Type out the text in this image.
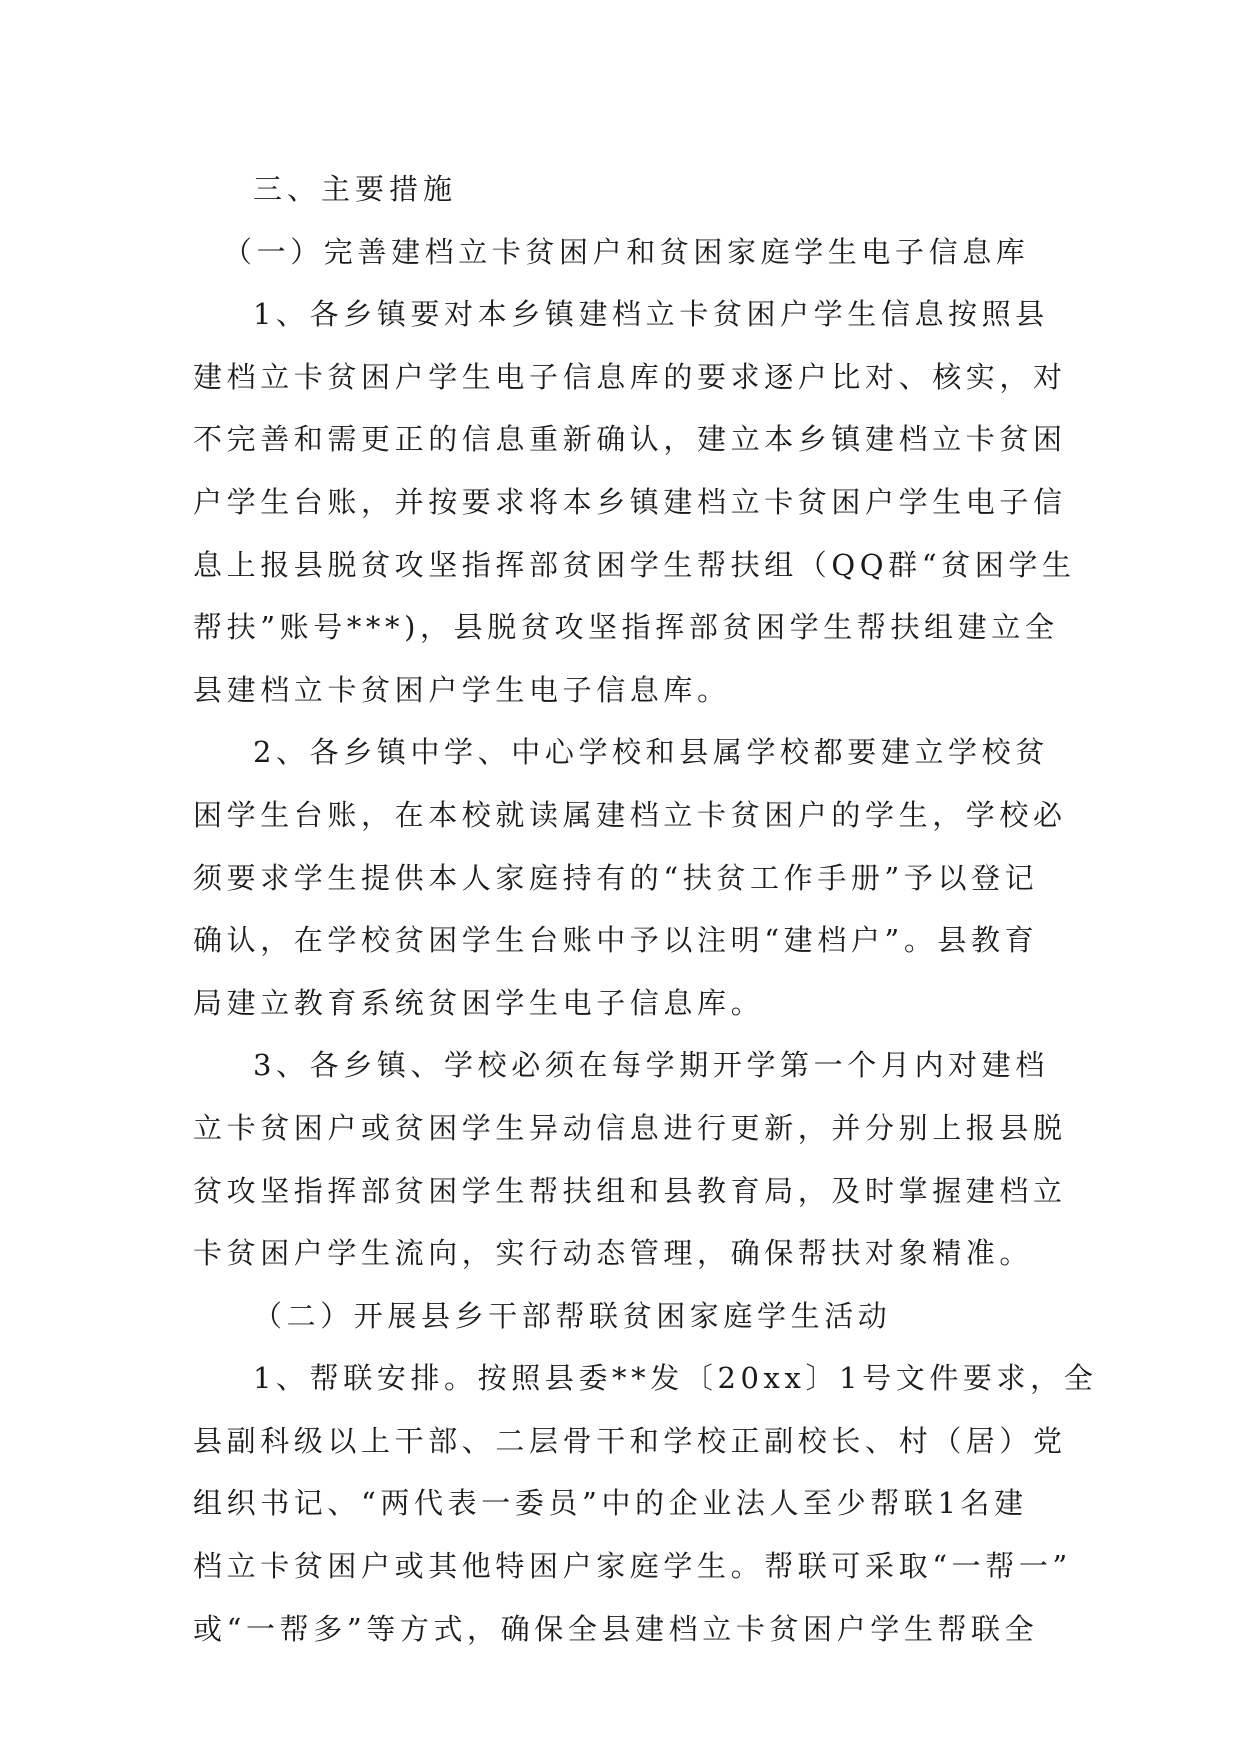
三、主要措施
（一）完善建档立卡贫困户和贫困家庭学生电子信息库
1、各乡镇要对本乡镇建档立卡贫困户学生信息按照县
建档立卡贫困户学生电子信息库的要求逐户比对、核实，对
不完善和需更正的信息重新确认，建立本乡镇建档立卡贫困
户学生台账，并按要求将本乡镇建档立卡贫困户学生电子信
息上报县脱贫攻坚指挥部贫困学生帮扶组（QQ群“贫困学生
帮扶”账号***)，县脱贫攻坚指挥部贫困学生帮扶组建立全
县建档立卡贫困户学生电子信息库。
2、各乡镇中学、中心学校和县属学校都要建立学校贫
困学生台账，在本校就读属建档立卡贫困户的学生，学校必
须要求学生提供本人家庭持有的“扶贫工作手册”予以登记
确认，在学校贫困学生台账中予以注明“建档户”。县教育
局建立教育系统贫困学生电子信息库。
3、各乡镇、学校必须在每学期开学第一个月内对建档
立卡贫困户或贫困学生异动信息进行更新，并分别上报县脱
贫攻坚指挥部贫困学生帮扶组和县教育局，及时掌握建档立
卡贫困户学生流向，实行动态管理，确保帮扶对象精准。
（二）开展县乡干部帮联贫困家庭学生活动
1、帮联安排。按照县委**发〔20xx〕1号文件要求，全
县副科级以上干部、二层骨干和学校正副校长、村（居）党
组织书记、“两代表一委员”中的企业法人至少帮联1名建
档立卡贫困户或其他特困户家庭学生。帮联可采取“一帮一”
或“一帮多”等方式，确保全县建档立卡贫困户学生帮联全
